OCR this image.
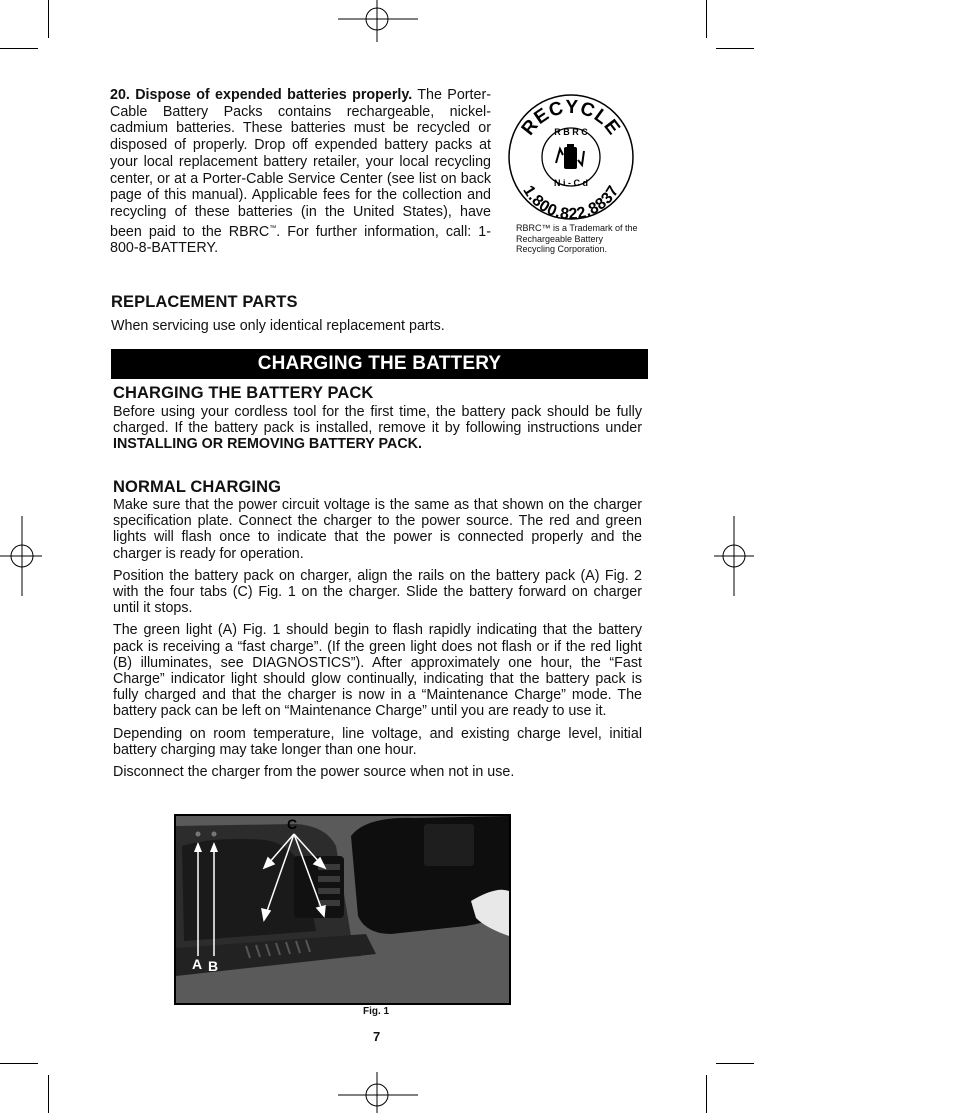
20. Dispose of expended batteries properly. The Porter-Cable Battery Packs contains rechargeable, nickel-cadmium batteries. These batteries must be recycled or disposed of properly. Drop off expended battery packs at your local replacement battery retailer, your local recycling center, or at a Porter-Cable Service Center (see list on back page of this manual). Applicable fees for the collection and recycling of these batteries (in the United States), have been paid to the RBRC™. For further information, call: 1-800-8-BATTERY.
RECYCLE
1.800.822.8837
R B R C
N i - C d
RBRC™ is a Trademark of the Rechargeable Battery Recycling Corporation.
REPLACEMENT PARTS
When servicing use only identical replacement parts.
CHARGING THE BATTERY
CHARGING THE BATTERY PACK
Before using your cordless tool for the first time, the battery pack should be fully charged. If the battery pack is installed, remove it by following instructions under INSTALLING OR REMOVING BATTERY PACK.
NORMAL CHARGING

Make sure that the power circuit voltage is the same as that shown on the charger specification plate. Connect the charger to the power source. The red and green lights will flash once to indicate that the power is connected properly and the charger is ready for operation.

Position the battery pack on charger, align the rails on the battery pack (A) Fig. 2 with the four tabs (C) Fig. 1 on the charger. Slide the battery forward on charger until it stops.

The green light (A) Fig. 1 should begin to flash rapidly indicating that the battery pack is receiving a “fast charge”. (If the green light does not flash or if the red light (B) illuminates, see DIAGNOSTICS”). After approximately one hour, the “Fast Charge” indicator light should glow continually, indicating that the battery pack is fully charged and that the charger is now in a “Maintenance Charge” mode. The battery pack can be left on “Maintenance Charge” until you are ready to use it.

Depending on room temperature, line voltage, and existing charge level, initial battery charging may take longer than one hour.

Disconnect the charger from the power source when not in use.

A B
C
Fig. 1
7
